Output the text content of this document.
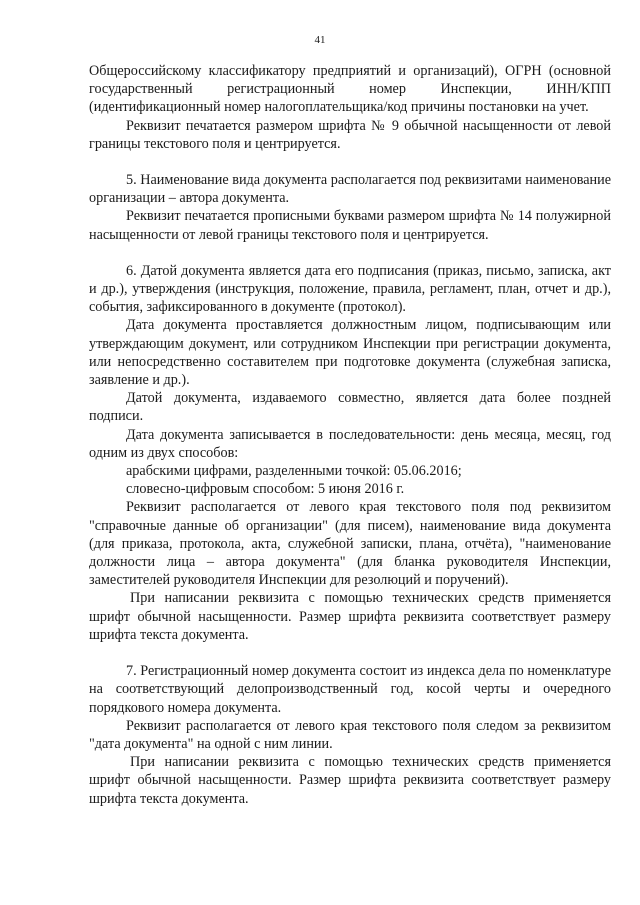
41

Общероссийскому классификатору предприятий и организаций), ОГРН (основной государственный регистрационный номер Инспекции, ИНН/КПП (идентификационный номер налогоплательщика/код причины постановки на учет.

Реквизит печатается размером шрифта № 9 обычной насыщенности от левой границы текстового поля и центрируется.

5. Наименование вида документа располагается под реквизитами наименование организации – автора документа.

Реквизит печатается прописными буквами размером шрифта № 14 полужирной насыщенности от левой границы текстового поля и центрируется.

6. Датой документа является дата его подписания (приказ, письмо, записка, акт и др.), утверждения (инструкция, положение, правила, регламент, план, отчет и др.), события, зафиксированного в документе (протокол).

Дата документа проставляется должностным лицом, подписывающим или утверждающим документ, или сотрудником Инспекции при регистрации документа, или непосредственно составителем при подготовке документа (служебная записка, заявление и др.).

Датой документа, издаваемого совместно, является дата более поздней подписи.

Дата документа записывается в последовательности: день месяца, месяц, год одним из двух способов:

арабскими цифрами, разделенными точкой: 05.06.2016;

словесно-цифровым способом: 5 июня 2016 г.

Реквизит располагается от левого края текстового поля под реквизитом "справочные данные об организации" (для писем), наименование вида документа (для приказа, протокола, акта, служебной записки, плана, отчёта), "наименование должности лица – автора документа" (для бланка руководителя Инспекции, заместителей руководителя Инспекции для резолюций и поручений).

При написании реквизита с помощью технических средств применяется шрифт обычной насыщенности. Размер шрифта реквизита соответствует размеру шрифта текста документа.

7. Регистрационный номер документа состоит из индекса дела по номенклатуре на соответствующий делопроизводственный год, косой черты и очередного порядкового номера документа.

Реквизит располагается от левого края текстового поля следом за реквизитом "дата документа" на одной с ним линии.

При написании реквизита с помощью технических средств применяется шрифт обычной насыщенности. Размер шрифта реквизита соответствует размеру шрифта текста документа.
